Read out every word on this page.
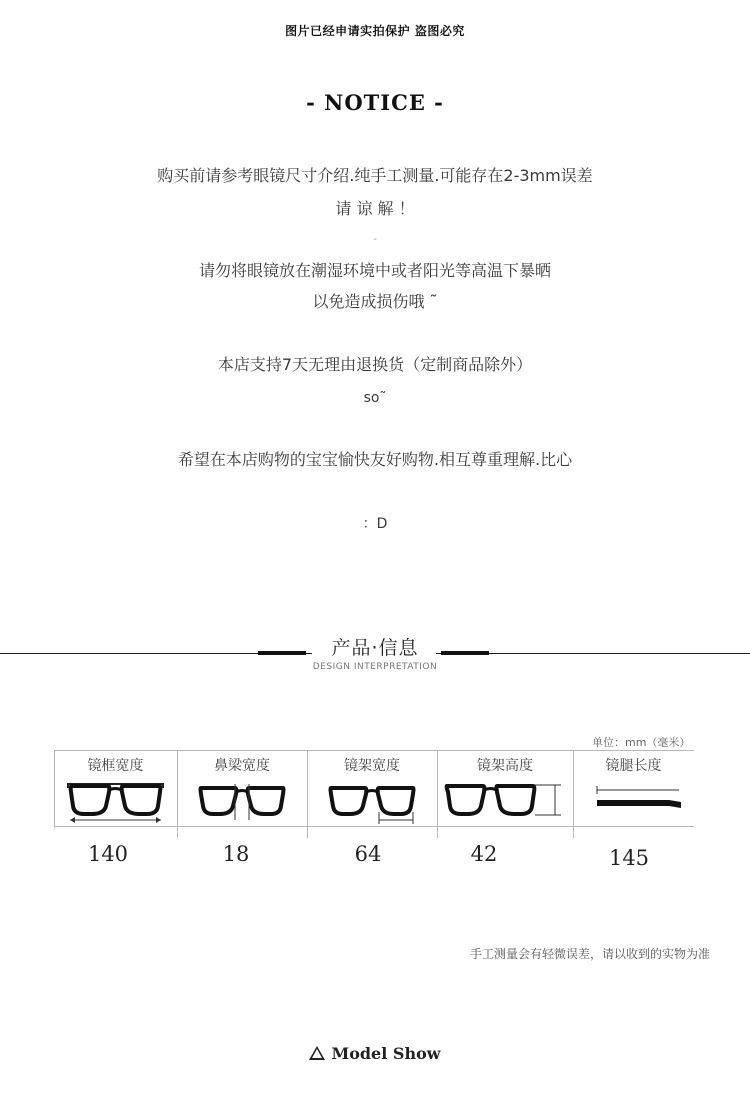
图片已经申请实拍保护 盗图必究
- NOTICE -
购买前请参考眼镜尺寸介绍.纯手工测量.可能存在2-3mm误差
请 谅 解 ！
-
请勿将眼镜放在潮湿环境中或者阳光等高温下暴晒
以免造成损伤哦 ˜
本店支持7天无理由退换货（定制商品除外）
so˜
希望在本店购物的宝宝愉快友好购物.相互尊重理解.比心
：D
产品·信息
DESIGN INTERPRETATION
单位：mm（毫米）
镜框宽度	鼻梁宽度	镜架宽度	镜架高度	镜腿长度
140	18	64	42	145
手工测量会有轻微误差，请以收到的实物为准
Model Show
